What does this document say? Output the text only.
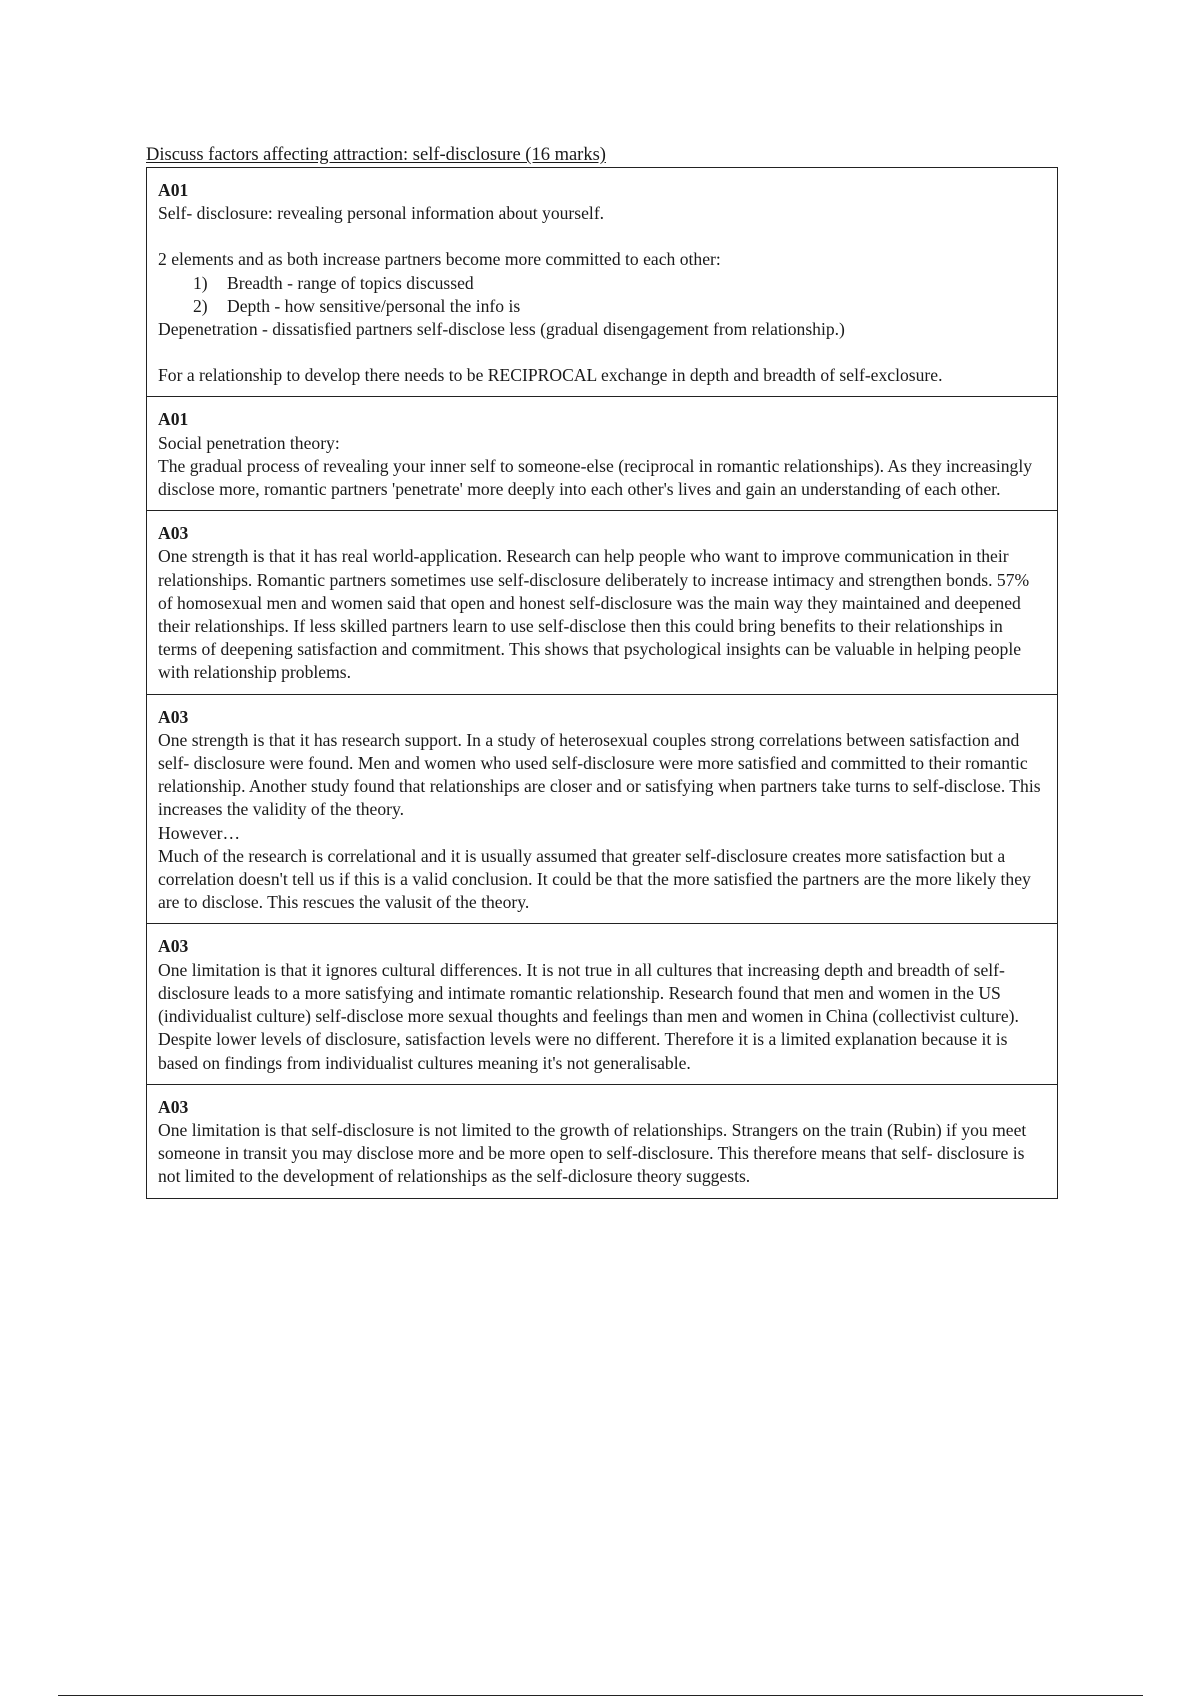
Discuss factors affecting attraction: self-disclosure (16 marks)
A01
Self- disclosure: revealing personal information about yourself.
2 elements and as both increase partners become more committed to each other:
1) Breadth - range of topics discussed
2) Depth - how sensitive/personal the info is
Depenetration - dissatisfied partners self-disclose less (gradual disengagement from relationship.)
For a relationship to develop there needs to be RECIPROCAL exchange in depth and breadth of self-exclosure.

A01
Social penetration theory:
The gradual process of revealing your inner self to someone-else (reciprocal in romantic relationships). As they increasingly disclose more, romantic partners 'penetrate' more deeply into each other's lives and gain an understanding of each other.

A03
One strength is that it has real world-application. Research can help people who want to improve communication in their relationships. Romantic partners sometimes use self-disclosure deliberately to increase intimacy and strengthen bonds. 57% of homosexual men and women said that open and honest self-disclosure was the main way they maintained and deepened their relationships. If less skilled partners learn to use self-disclose then this could bring benefits to their relationships in terms of deepening satisfaction and commitment. This shows that psychological insights can be valuable in helping people with relationship problems.

A03
One strength is that it has research support. In a study of heterosexual couples strong correlations between satisfaction and self- disclosure were found. Men and women who used self-disclosure were more satisfied and committed to their romantic relationship. Another study found that relationships are closer and or satisfying when partners take turns to self-disclose. This increases the validity of the theory.
However…
Much of the research is correlational and it is usually assumed that greater self-disclosure creates more satisfaction but a correlation doesn't tell us if this is a valid conclusion. It could be that the more satisfied the partners are the more likely they are to disclose. This rescues the valusit of the theory.

A03
One limitation is that it ignores cultural differences. It is not true in all cultures that increasing depth and breadth of self-disclosure leads to a more satisfying and intimate romantic relationship. Research found that men and women in the US (individualist culture) self-disclose more sexual thoughts and feelings than men and women in China (collectivist culture). Despite lower levels of disclosure, satisfaction levels were no different. Therefore it is a limited explanation because it is based on findings from individualist cultures meaning it's not generalisable.

A03
One limitation is that self-disclosure is not limited to the growth of relationships. Strangers on the train (Rubin) if you meet someone in transit you may disclose more and be more open to self-disclosure. This therefore means that self- disclosure is not limited to the development of relationships as the self-diclosure theory suggests.
